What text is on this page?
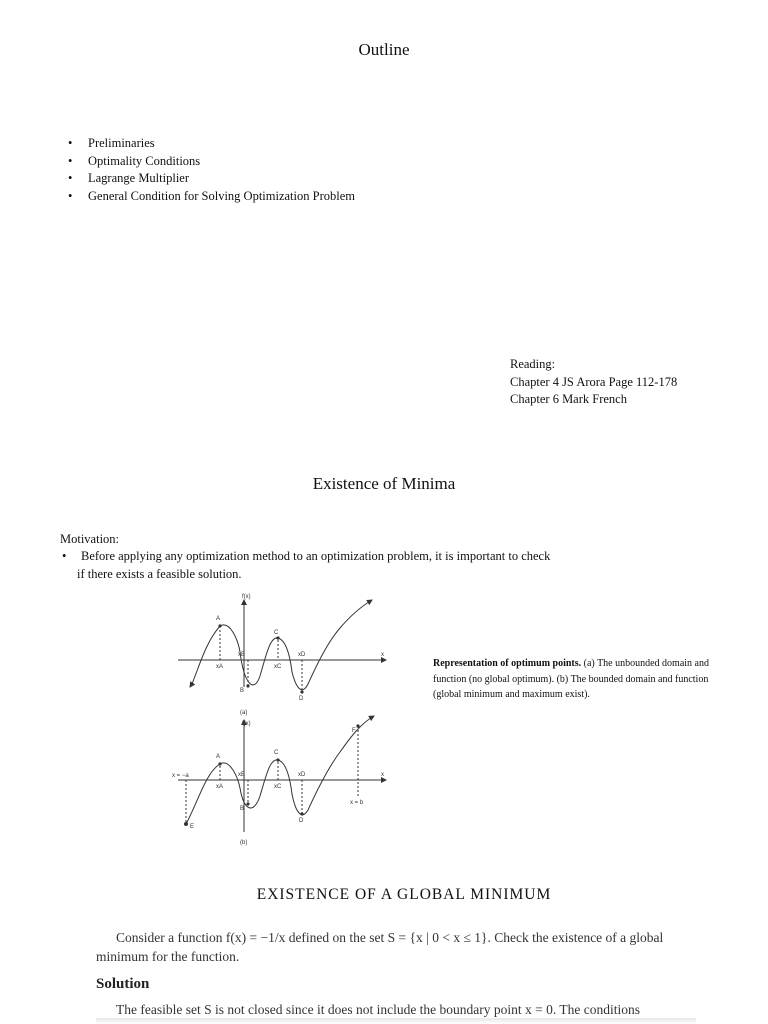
Outline
• Preliminaries
• Optimality Conditions
• Lagrange Multiplier
• General Condition for Solving Optimization Problem
Reading:
Chapter 4 JS Arora Page 112-178
Chapter 6 Mark French
Existence of Minima
Motivation:
•	Before applying any optimization method to an optimization problem, it is important to check
if there exists a feasible solution.
f(x)
x
A
B
C
D
xA
xB
xC
xD
(a)
f(x)
x
A
B
C
D
E
F
xA
xB
xC
xD
x = −a
x = b
(b)
Representation of optimum points. (a) The unbounded domain and function (no global optimum). (b) The bounded domain and function (global minimum and maximum exist).
EXISTENCE OF A GLOBAL MINIMUM
Consider a function f(x) = −1/x defined on the set S = {x | 0 < x ≤ 1}. Check the existence of a global minimum for the function.
Solution
The feasible set S is not closed since it does not include the boundary point x = 0. The conditions
